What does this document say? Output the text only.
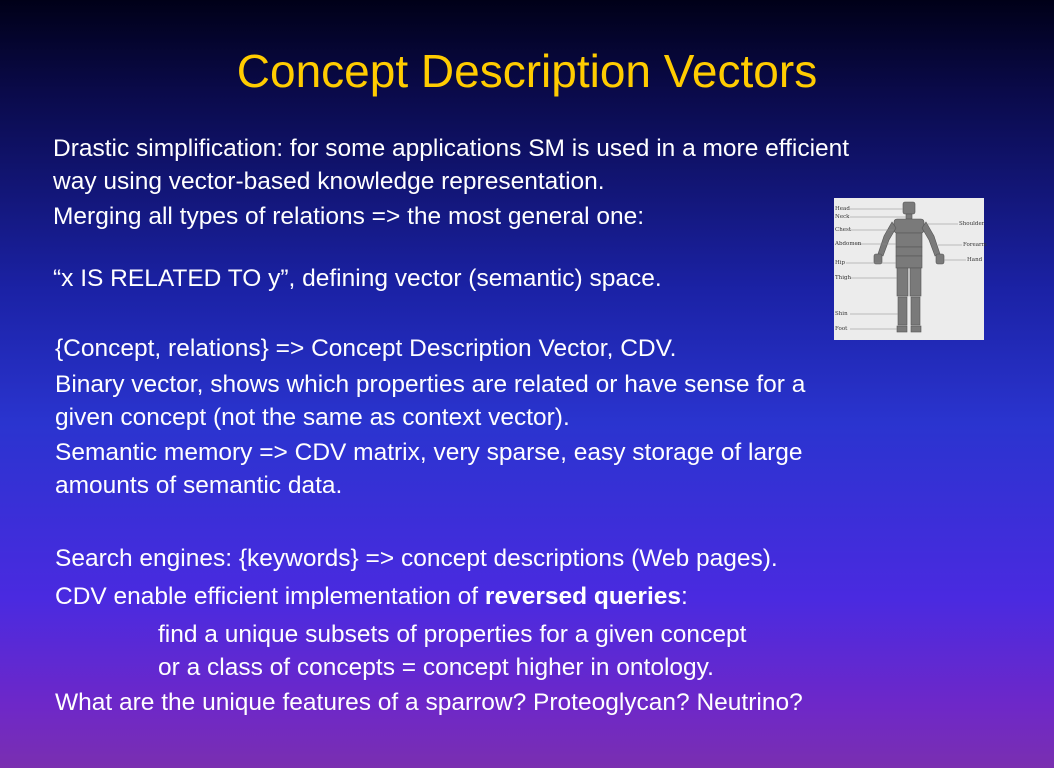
Concept Description Vectors
Drastic simplification: for some applications SM is used in a more efficient
way using vector-based knowledge representation.
Merging all types of relations => the most general one:
“x IS RELATED TO y”, defining vector (semantic) space.
{Concept, relations} => Concept Description Vector, CDV.
Binary vector, shows which properties are related or have sense for a
given concept (not the same as context vector).
Semantic memory => CDV matrix, very sparse, easy storage of large
amounts of semantic data.
Search engines: {keywords} => concept descriptions (Web pages).
CDV enable efficient implementation of reversed queries:
find a unique subsets of properties for a given concept
or a class of concepts = concept higher in ontology.
What are the unique features of a sparrow? Proteoglycan? Neutrino?
Head
Neck
Chest
Abdomen
Hip
Thigh
Shin
Foot
Shoulder
Forearm
Hand
